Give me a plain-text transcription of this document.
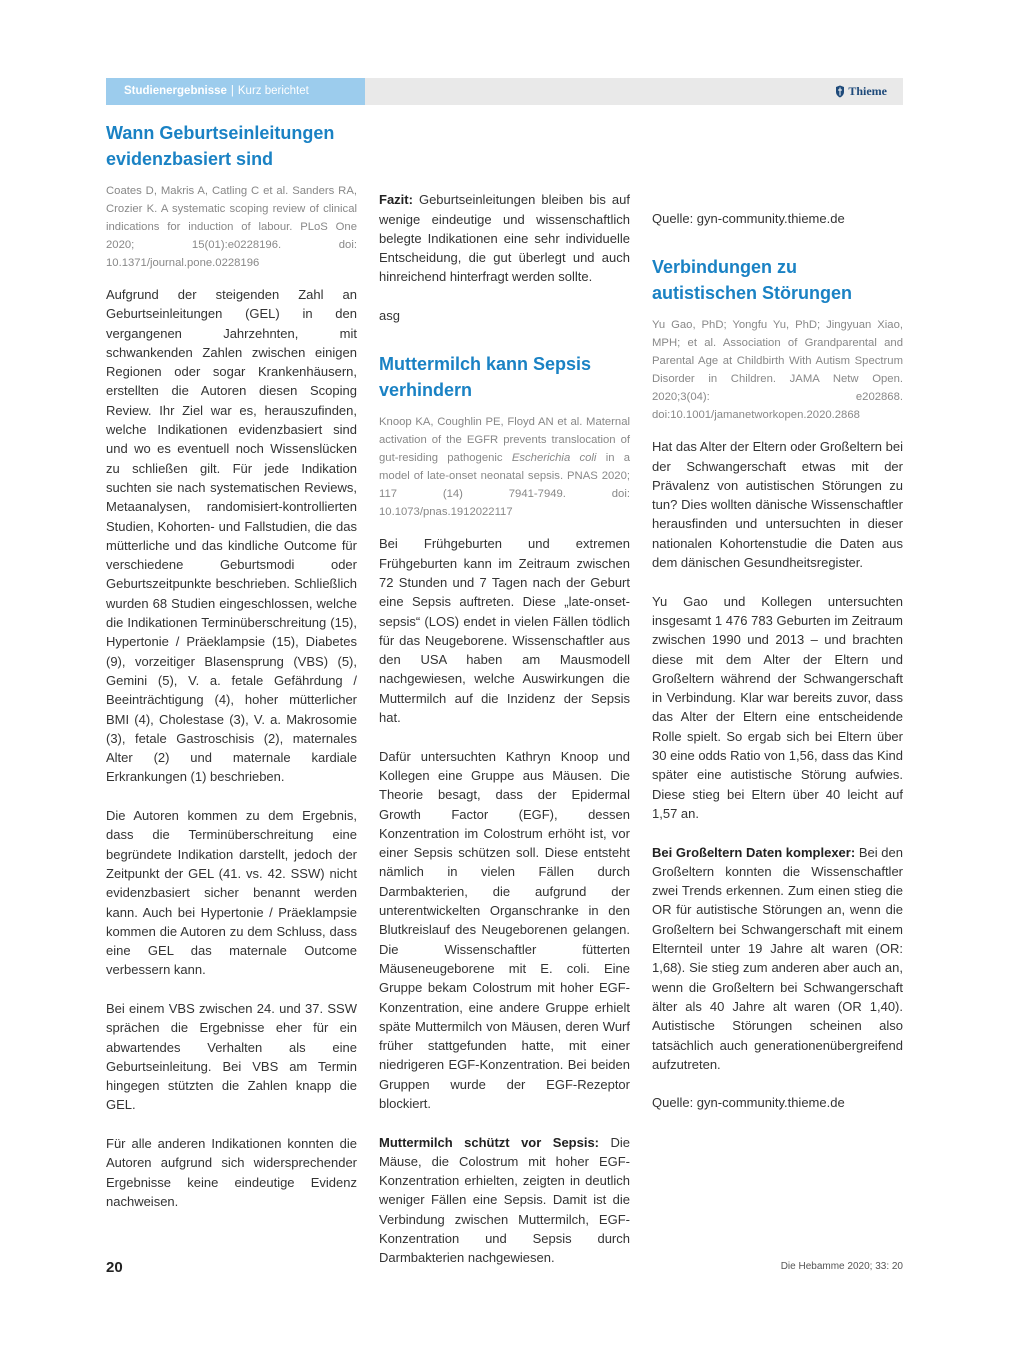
Studienergebnisse | Kurz berichtet	Thieme
Wann Geburtseinleitungen evidenzbasiert sind
Coates D, Makris A, Catling C et al. Sanders RA, Crozier K. A systematic scoping review of clinical indications for induction of labour. PLoS One 2020; 15(01):e0228196. doi: 10.1371/journal.pone.0228196

Aufgrund der steigenden Zahl an Geburtseinleitungen (GEL) in den vergangenen Jahrzehnten, mit schwankenden Zahlen zwischen einigen Regionen oder sogar Krankenhäusern, erstellten die Autoren diesen Scoping Review. Ihr Ziel war es, herauszufinden, welche Indikationen evidenzbasiert sind und wo es eventuell noch Wissenslücken zu schließen gilt. Für jede Indikation suchten sie nach systematischen Reviews, Metaanalysen, randomisiert-kontrollierten Studien, Kohorten- und Fallstudien, die das mütterliche und das kindliche Outcome für verschiedene Geburtsmodi oder Geburtszeitpunkte beschrieben. Schließlich wurden 68 Studien eingeschlossen, welche die Indikationen Terminüberschreitung (15), Hypertonie / Präeklampsie (15), Diabetes (9), vorzeitiger Blasensprung (VBS) (5), Gemini (5), V. a. fetale Gefährdung / Beeinträchtigung (4), hoher mütterlicher BMI (4), Cholestase (3), V. a. Makrosomie (3), fetale Gastroschisis (2), maternales Alter (2) und maternale kardiale Erkrankungen (1) beschrieben.

Die Autoren kommen zu dem Ergebnis, dass die Terminüberschreitung eine begründete Indikation darstellt, jedoch der Zeitpunkt der GEL (41. vs. 42. SSW) nicht evidenzbasiert sicher benannt werden kann. Auch bei Hypertonie / Präeklampsie kommen die Autoren zu dem Schluss, dass eine GEL das maternale Outcome verbessern kann.

Bei einem VBS zwischen 24. und 37. SSW sprächen die Ergebnisse eher für ein abwartendes Verhalten als eine Geburtseinleitung. Bei VBS am Termin hingegen stützten die Zahlen knapp die GEL.

Für alle anderen Indikationen konnten die Autoren aufgrund sich widersprechender Ergebnisse keine eindeutige Evidenz nachweisen.

Fazit: Geburtseinleitungen bleiben bis auf wenige eindeutige und wissenschaftlich belegte Indikationen eine sehr individuelle Entscheidung, die gut überlegt und auch hinreichend hinterfragt werden sollte.

asg

Muttermilch kann Sepsis verhindern
Knoop KA, Coughlin PE, Floyd AN et al. Maternal activation of the EGFR prevents translocation of gut-residing pathogenic Escherichia coli in a model of late-onset neonatal sepsis. PNAS 2020; 117 (14) 7941-7949. doi: 10.1073/pnas.1912022117

Bei Frühgeburten und extremen Frühgeburten kann im Zeitraum zwischen 72 Stunden und 7 Tagen nach der Geburt eine Sepsis auftreten. Diese „late-onset-sepsis“ (LOS) endet in vielen Fällen tödlich für das Neugeborene. Wissenschaftler aus den USA haben am Mausmodell nachgewiesen, welche Auswirkungen die Muttermilch auf die Inzidenz der Sepsis hat.

Dafür untersuchten Kathryn Knoop und Kollegen eine Gruppe aus Mäusen. Die Theorie besagt, dass der Epidermal Growth Factor (EGF), dessen Konzentration im Colostrum erhöht ist, vor einer Sepsis schützen soll. Diese entsteht nämlich in vielen Fällen durch Darmbakterien, die aufgrund der unterentwickelten Organschranke in den Blutkreislauf des Neugeborenen gelangen. Die Wissenschaftler fütterten Mäuseneugeborene mit E. coli. Eine Gruppe bekam Colostrum mit hoher EGF-Konzentration, eine andere Gruppe erhielt späte Muttermilch von Mäusen, deren Wurf früher stattgefunden hatte, mit einer niedrigeren EGF-Konzentration. Bei beiden Gruppen wurde der EGF-Rezeptor blockiert.

Muttermilch schützt vor Sepsis: Die Mäuse, die Colostrum mit hoher EGF-Konzentration erhielten, zeigten in deutlich weniger Fällen eine Sepsis. Damit ist die Verbindung zwischen Muttermilch, EGF-Konzentration und Sepsis durch Darmbakterien nachgewiesen.

Quelle: gyn-community.thieme.de

Verbindungen zu autistischen Störungen
Yu Gao, PhD; Yongfu Yu, PhD; Jingyuan Xiao, MPH; et al. Association of Grandparental and Parental Age at Childbirth With Autism Spectrum Disorder in Children. JAMA Netw Open. 2020;3(04): e202868. doi:10.1001/jamanetworkopen.2020.2868

Hat das Alter der Eltern oder Großeltern bei der Schwangerschaft etwas mit der Prävalenz von autistischen Störungen zu tun? Dies wollten dänische Wissenschaftler herausfinden und untersuchten in dieser nationalen Kohortenstudie die Daten aus dem dänischen Gesundheitsregister.

Yu Gao und Kollegen untersuchten insgesamt 1 476 783 Geburten im Zeitraum zwischen 1990 und 2013 – und brachten diese mit dem Alter der Eltern und Großeltern während der Schwangerschaft in Verbindung. Klar war bereits zuvor, dass das Alter der Eltern eine entscheidende Rolle spielt. So ergab sich bei Eltern über 30 eine odds Ratio von 1,56, dass das Kind später eine autistische Störung aufwies. Diese stieg bei Eltern über 40 leicht auf 1,57 an.

Bei Großeltern Daten komplexer: Bei den Großeltern konnten die Wissenschaftler zwei Trends erkennen. Zum einen stieg die OR für autistische Störungen an, wenn die Großeltern bei Schwangerschaft mit einem Elternteil unter 19 Jahre alt waren (OR: 1,68). Sie stieg zum anderen aber auch an, wenn die Großeltern bei Schwangerschaft älter als 40 Jahre alt waren (OR 1,40). Autistische Störungen scheinen also tatsächlich auch generationenübergreifend aufzutreten.

Quelle: gyn-community.thieme.de

20	Die Hebamme 2020; 33: 20
